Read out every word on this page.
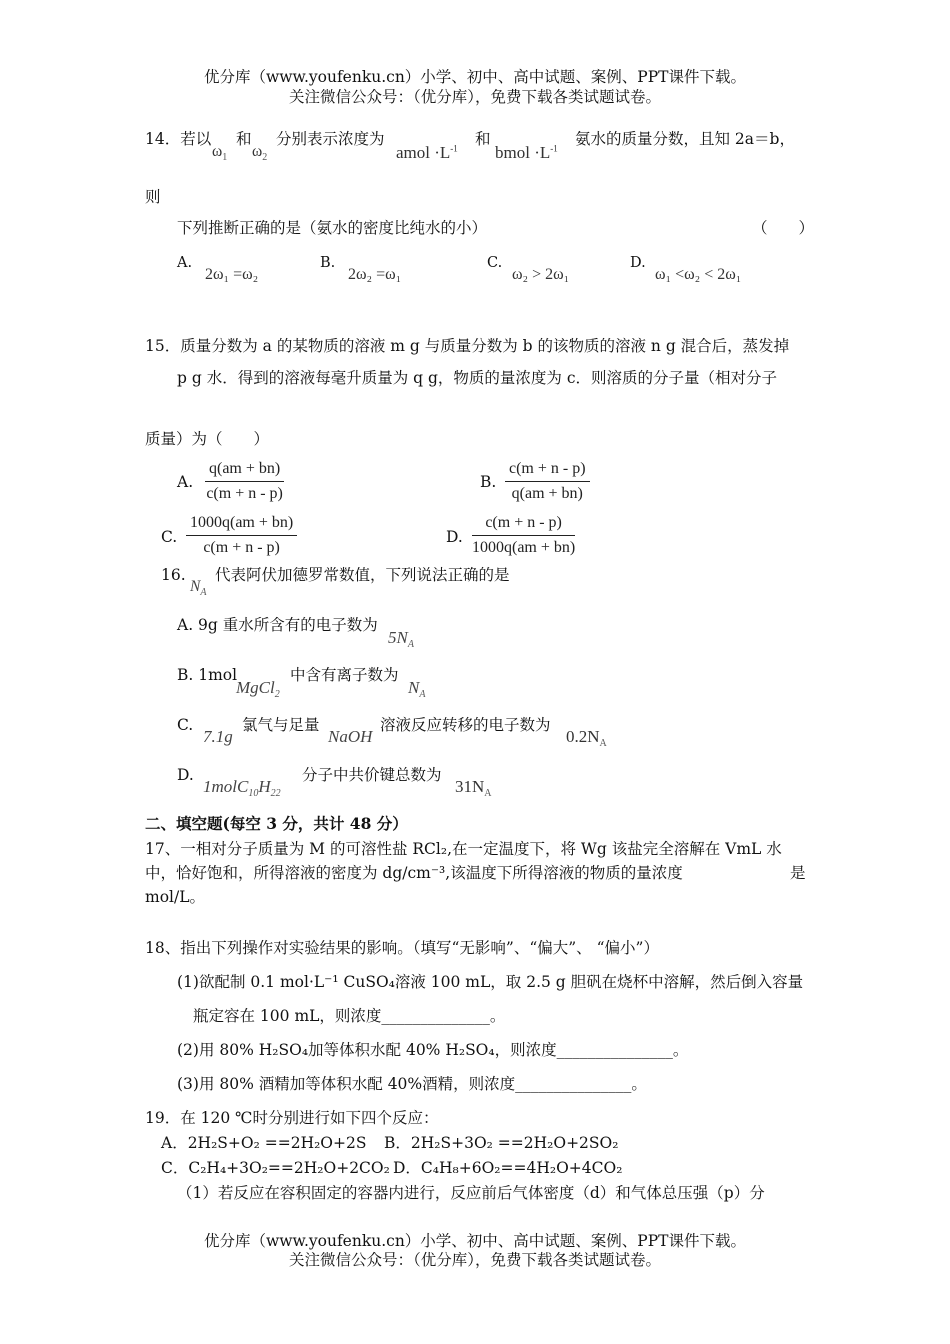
优分库（www.youfenku.cn）小学、初中、高中试题、案例、PPT课件下载。
关注微信公众号：（优分库），免费下载各类试题试卷。
14．若以
$\omega_1$
和
$\omega_2$
分别表示浓度为
amol $\cdot L^{-1}$
和
bmol $\cdot L^{-1}$
氨水的质量分数，且知 2a＝b，
则
下列推断正确的是（氨水的密度比纯水的小）	（　　）
A.
2ω₁ =ω₂
B.
2ω₂ =ω₁
C.
ω₂ > 2ω₁
D.
ω₁ <ω₂ < 2ω₁
15．质量分数为 a 的某物质的溶液 m g 与质量分数为 b 的该物质的溶液 n g 混合后，蒸发掉
p g 水．得到的溶液每毫升质量为 q g，物质的量浓度为 c．则溶质的分子量（相对分子
质量）为（　　）
A. $\frac{q(am + bn)}{c(m + n - p)}$	B. $\frac{c(m + n - p)}{q(am + bn)}$
C. $\frac{1000q(am + bn)}{c(m + n - p)}$	D. $\frac{c(m + n - p)}{1000q(am + bn)}$
16.
$N_A$
代表阿伏加德罗常数值，下列说法正确的是
A. 9g 重水所含有的电子数为
$5N_A$
B. 1mol
MgCl$_2$
中含有离子数为
$N_A$
C.
7.1g
氯气与足量
NaOH
溶液反应转移的电子数为
$0.2N_A$
D.
$1molC_{10}H_{22}$
分子中共价键总数为
$31N_A$
二、填空题(每空 3 分，共计 48 分）
17、一相对分子质量为 M 的可溶性盐 RCl₂,在一定温度下，将 Wg 该盐完全溶解在 VmL 水
中，恰好饱和，所得溶液的密度为 dg/cm⁻³,该温度下所得溶液的物质的量浓度	是
mol/L。
18、指出下列操作对实验结果的影响。（填写“无影响”、“偏大”、 “偏小”）
(1)欲配制 0.1 mol·L⁻¹ CuSO₄溶液 100 mL，取 2.5 g 胆矾在烧杯中溶解，然后倒入容量
瓶定容在 100 mL，则浓度______________。
(2)用 80% H₂SO₄加等体积水配 40% H₂SO₄，则浓度_______________。
(3)用 80% 酒精加等体积水配 40%酒精，则浓度_______________。
19．在 120 ℃时分别进行如下四个反应：
A．2H₂S+O₂ ==2H₂O+2S B．2H₂S+3O₂ ==2H₂O+2SO₂
C．C₂H₄+3O₂==2H₂O+2CO₂ D．C₄H₈+6O₂==4H₂O+4CO₂
（1）若反应在容积固定的容器内进行，反应前后气体密度（d）和气体总压强（p）分
优分库（www.youfenku.cn）小学、初中、高中试题、案例、PPT课件下载。
关注微信公众号：（优分库），免费下载各类试题试卷。
